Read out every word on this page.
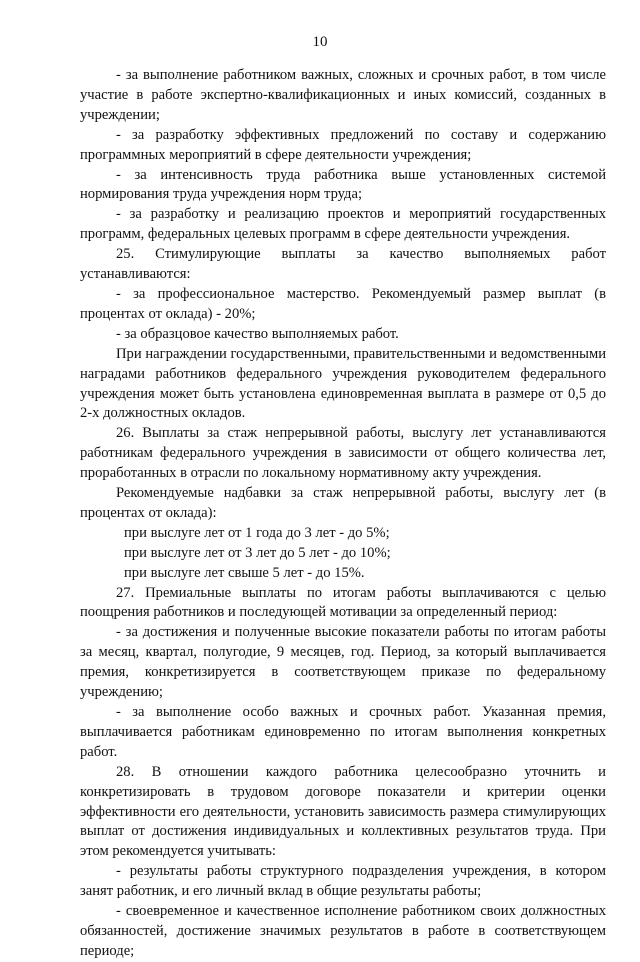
10

- за выполнение работником важных, сложных и срочных работ, в том числе участие в работе экспертно-квалификационных и иных комиссий, созданных в учреждении;

- за разработку эффективных предложений по составу и содержанию программных мероприятий в сфере деятельности учреждения;

- за интенсивность труда работника выше установленных системой нормирования труда учреждения норм труда;

- за разработку и реализацию проектов и мероприятий государственных программ, федеральных целевых программ в сфере деятельности учреждения.

25. Стимулирующие выплаты за качество выполняемых работ устанавливаются:

- за профессиональное мастерство. Рекомендуемый размер выплат (в процентах от оклада) - 20%;

- за образцовое качество выполняемых работ.

При награждении государственными, правительственными и ведомственными наградами работников федерального учреждения руководителем федерального учреждения может быть установлена единовременная выплата в размере от 0,5 до 2-х должностных окладов.

26. Выплаты за стаж непрерывной работы, выслугу лет устанавливаются работникам федерального учреждения в зависимости от общего количества лет, проработанных в отрасли по локальному нормативному акту учреждения.

Рекомендуемые надбавки за стаж непрерывной работы, выслугу лет (в процентах от оклада):

при выслуге лет от 1 года до 3 лет - до 5%;

при выслуге лет от 3 лет до 5 лет - до 10%;

при выслуге лет свыше 5 лет - до 15%.

27. Премиальные выплаты по итогам работы выплачиваются с целью поощрения работников и последующей мотивации за определенный период:

- за достижения и полученные высокие показатели работы по итогам работы за месяц, квартал, полугодие, 9 месяцев, год. Период, за который выплачивается премия, конкретизируется в соответствующем приказе по федеральному учреждению;

- за выполнение особо важных и срочных работ. Указанная премия, выплачивается работникам единовременно по итогам выполнения конкретных работ.

28. В отношении каждого работника целесообразно уточнить и конкретизировать в трудовом договоре показатели и критерии оценки эффективности его деятельности, установить зависимость размера стимулирующих выплат от достижения индивидуальных и коллективных результатов труда. При этом рекомендуется учитывать:

- результаты работы структурного подразделения учреждения, в котором занят работник, и его личный вклад в общие результаты работы;

- своевременное и качественное исполнение работником своих должностных обязанностей, достижение значимых результатов в работе в соответствующем периоде;
